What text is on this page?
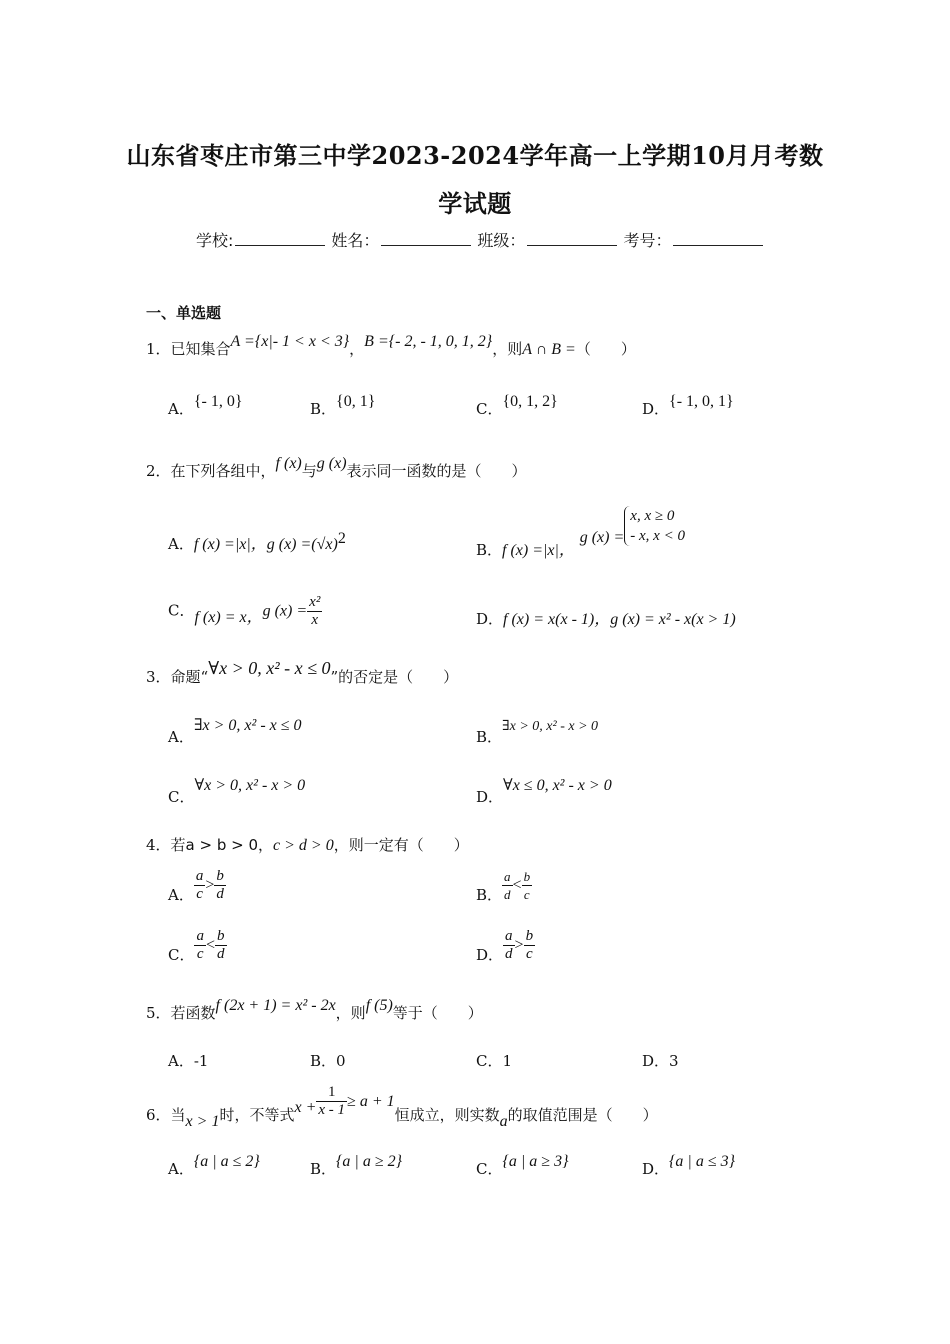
山东省枣庄市第三中学2023-2024学年高一上学期10月月考数
学试题
学校:	姓名：	班级：	考号：
一、单选题
1．已知集合A ={x|- 1 < x < 3}，B ={- 2, - 1, 0, 1, 2}，则A ∩ B =（　　）
A．{- 1, 0}	B．{0, 1}	C．{0, 1, 2}	D．{- 1, 0, 1}
2．在下列各组中，f (x)与g (x)表示同一函数的是（　　）
A．f (x) =|x|，g $(x) =(√x)^2$
B．f (x) =|x|， g (x) =x, x ≥ 0
- x, x < 0
C．f (x) = x，g $(x) = \frac{\text{x²}}{x}$	D．f (x) = x(x - 1)，g (x) = x² - x(x > 1)
3．命题“∀x > 0, x² - x ≤ 0”的否定是（　　）
A．∃x > 0, x² - x ≤ 0
B．∃x > 0, x² - x > 0
C．∀x > 0, x² - x > 0
D．∀x ≤ 0, x² - x > 0
4．若a > b > 0，c > d > 0，则一定有（　　）
A． $\frac{a}{c} > \frac{b}{d}$	B． $\frac{a}{d} < \frac{b}{c}$
C． $\frac{a}{c} < \frac{b}{d}$	D． $\frac{a}{d} > \frac{b}{c}$
5．若函数f (2x + 1) = x² - 2x，则f (5)等于（　　）
A．-1	B．0	C．1	D．3
6．当x > 1时，不等式$x + \frac{1}{x - 1} \ge a + 1$恒成立，则实数a的取值范围是（　　）
A．{a | a ≤ 2}	B．{a | a ≥ 2}	C．{a | a ≥ 3}	D．{a | a ≤ 3}
